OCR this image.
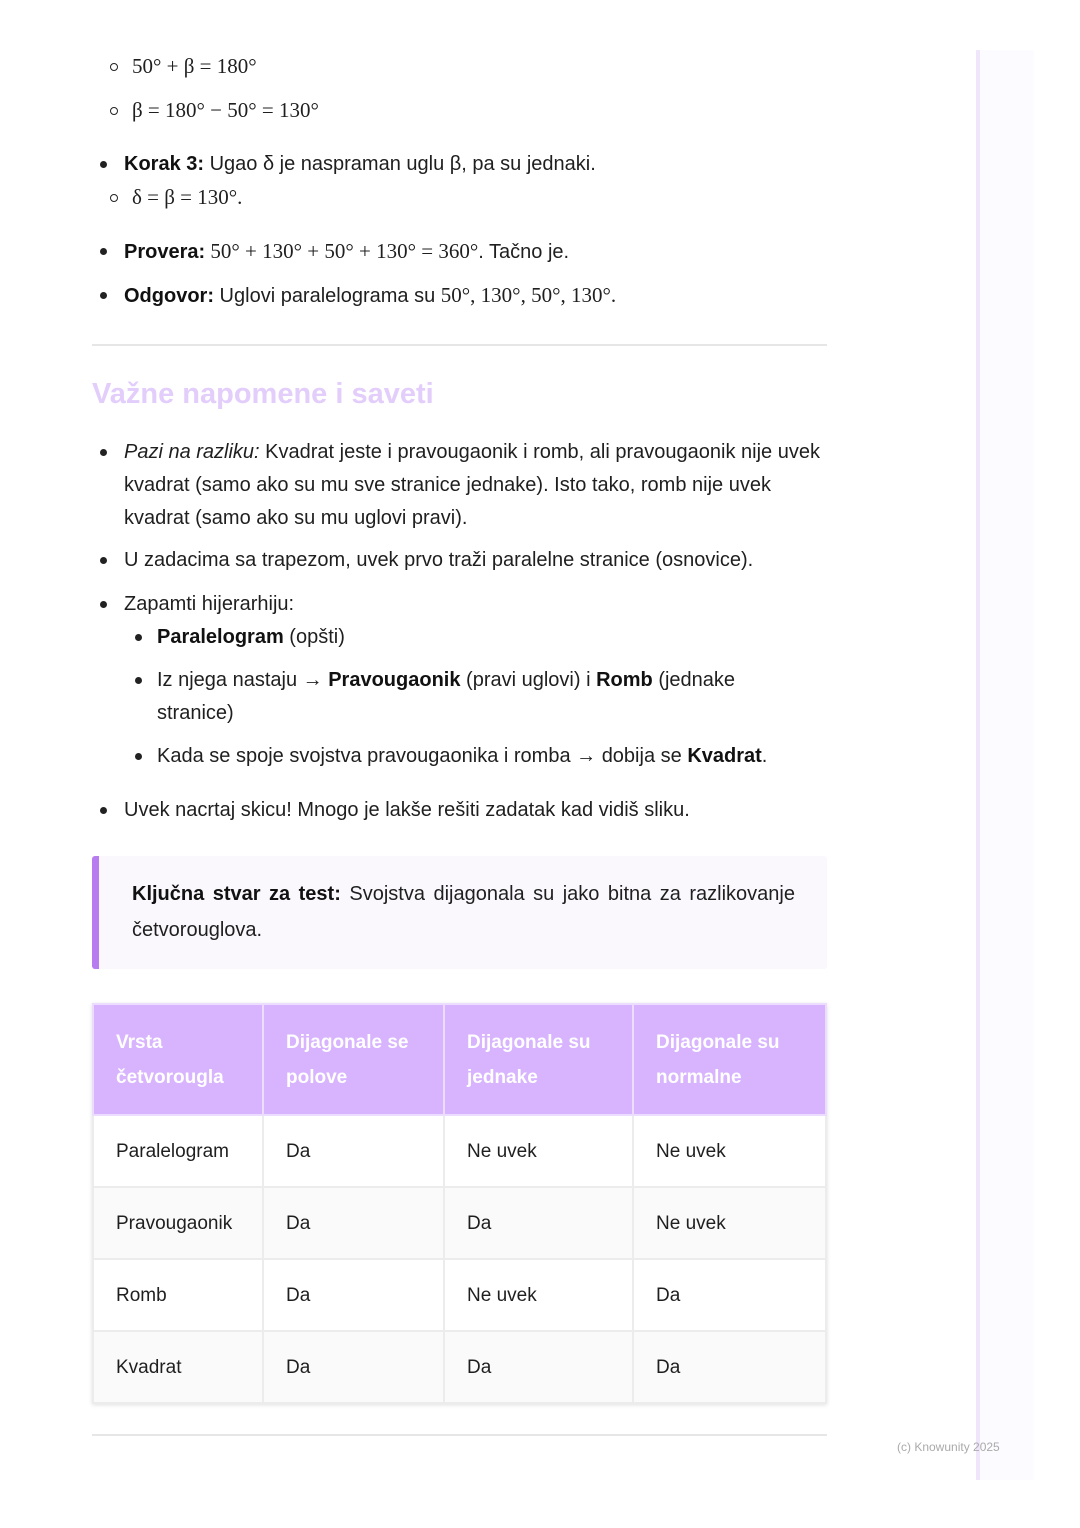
50° + β = 180°
β = 180° − 50° = 130°
Korak 3: Ugao δ je naspraman uglu β, pa su jednaki.
δ = β = 130°.
Provera: 50° + 130° + 50° + 130° = 360°. Tačno je.
Odgovor: Uglovi paralelograma su 50°, 130°, 50°, 130°.
Važne napomene i saveti
Pazi na razliku: Kvadrat jeste i pravougaonik i romb, ali pravougaonik nije uvek kvadrat (samo ako su mu sve stranice jednake). Isto tako, romb nije uvek kvadrat (samo ako su mu uglovi pravi).
U zadacima sa trapezom, uvek prvo traži paralelne stranice (osnovice).
Zapamti hijerarhiju:
Paralelogram (opšti)
Iz njega nastaju → Pravougaonik (pravi uglovi) i Romb (jednake stranice)
Kada se spoje svojstva pravougaonika i romba → dobija se Kvadrat.
Uvek nacrtaj skicu! Mnogo je lakše rešiti zadatak kad vidiš sliku.
Ključna stvar za test: Svojstva dijagonala su jako bitna za razlikovanje četvorouglova.
Vrsta četvorougla	Dijagonale se polove	Dijagonale su jednake	Dijagonale su normalne
Paralelogram	Da	Ne uvek	Ne uvek
Pravougaonik	Da	Da	Ne uvek
Romb	Da	Ne uvek	Da
Kvadrat	Da	Da	Da
(c) Knowunity 2025
